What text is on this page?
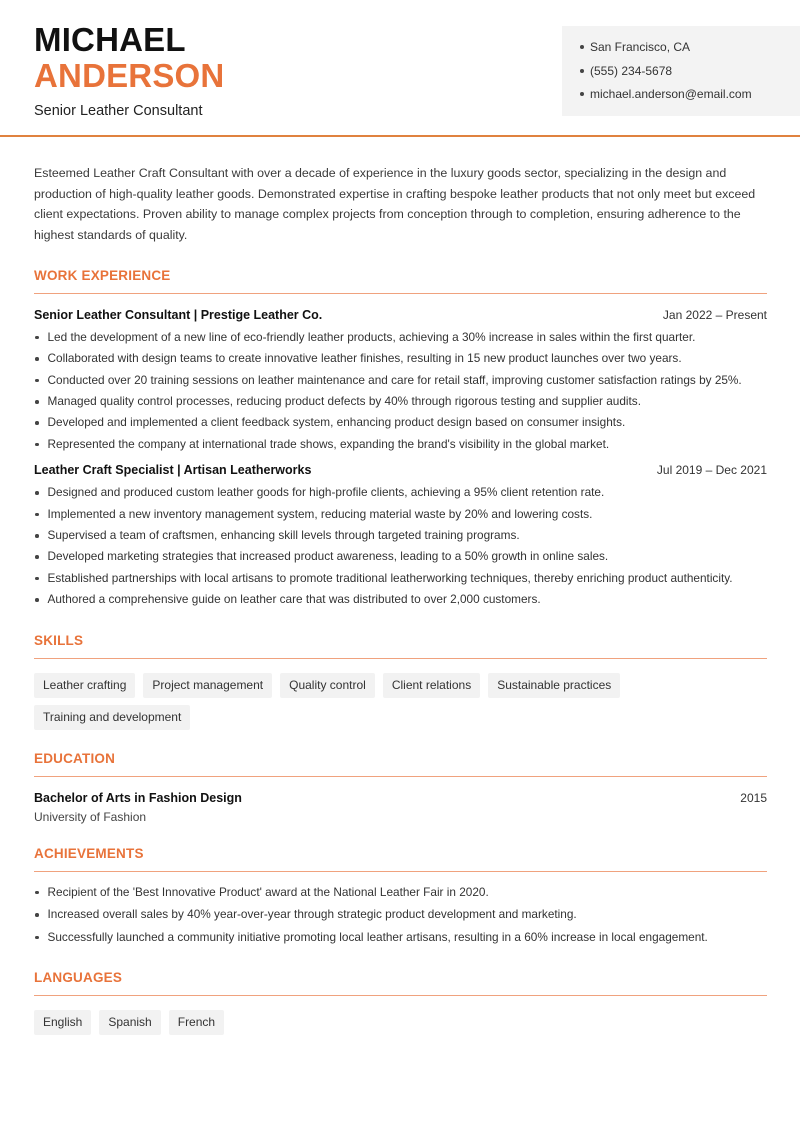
MICHAEL
ANDERSON
Senior Leather Consultant
San Francisco, CA
(555) 234-5678
michael.anderson@email.com

Esteemed Leather Craft Consultant with over a decade of experience in the luxury goods sector, specializing in the design and production of high-quality leather goods. Demonstrated expertise in crafting bespoke leather products that not only meet but exceed client expectations. Proven ability to manage complex projects from conception through to completion, ensuring adherence to the highest standards of quality.

WORK EXPERIENCE
Senior Leather Consultant | Prestige Leather Co.	Jan 2022 – Present
Led the development of a new line of eco-friendly leather products, achieving a 30% increase in sales within the first quarter.
Collaborated with design teams to create innovative leather finishes, resulting in 15 new product launches over two years.
Conducted over 20 training sessions on leather maintenance and care for retail staff, improving customer satisfaction ratings by 25%.
Managed quality control processes, reducing product defects by 40% through rigorous testing and supplier audits.
Developed and implemented a client feedback system, enhancing product design based on consumer insights.
Represented the company at international trade shows, expanding the brand's visibility in the global market.
Leather Craft Specialist | Artisan Leatherworks	Jul 2019 – Dec 2021
Designed and produced custom leather goods for high-profile clients, achieving a 95% client retention rate.
Implemented a new inventory management system, reducing material waste by 20% and lowering costs.
Supervised a team of craftsmen, enhancing skill levels through targeted training programs.
Developed marketing strategies that increased product awareness, leading to a 50% growth in online sales.
Established partnerships with local artisans to promote traditional leatherworking techniques, thereby enriching product authenticity.
Authored a comprehensive guide on leather care that was distributed to over 2,000 customers.
SKILLS
Leather crafting	Project management	Quality control	Client relations	Sustainable practices
Training and development
EDUCATION
Bachelor of Arts in Fashion Design	2015
University of Fashion
ACHIEVEMENTS
Recipient of the 'Best Innovative Product' award at the National Leather Fair in 2020.
Increased overall sales by 40% year-over-year through strategic product development and marketing.
Successfully launched a community initiative promoting local leather artisans, resulting in a 60% increase in local engagement.
LANGUAGES
English	Spanish	French
